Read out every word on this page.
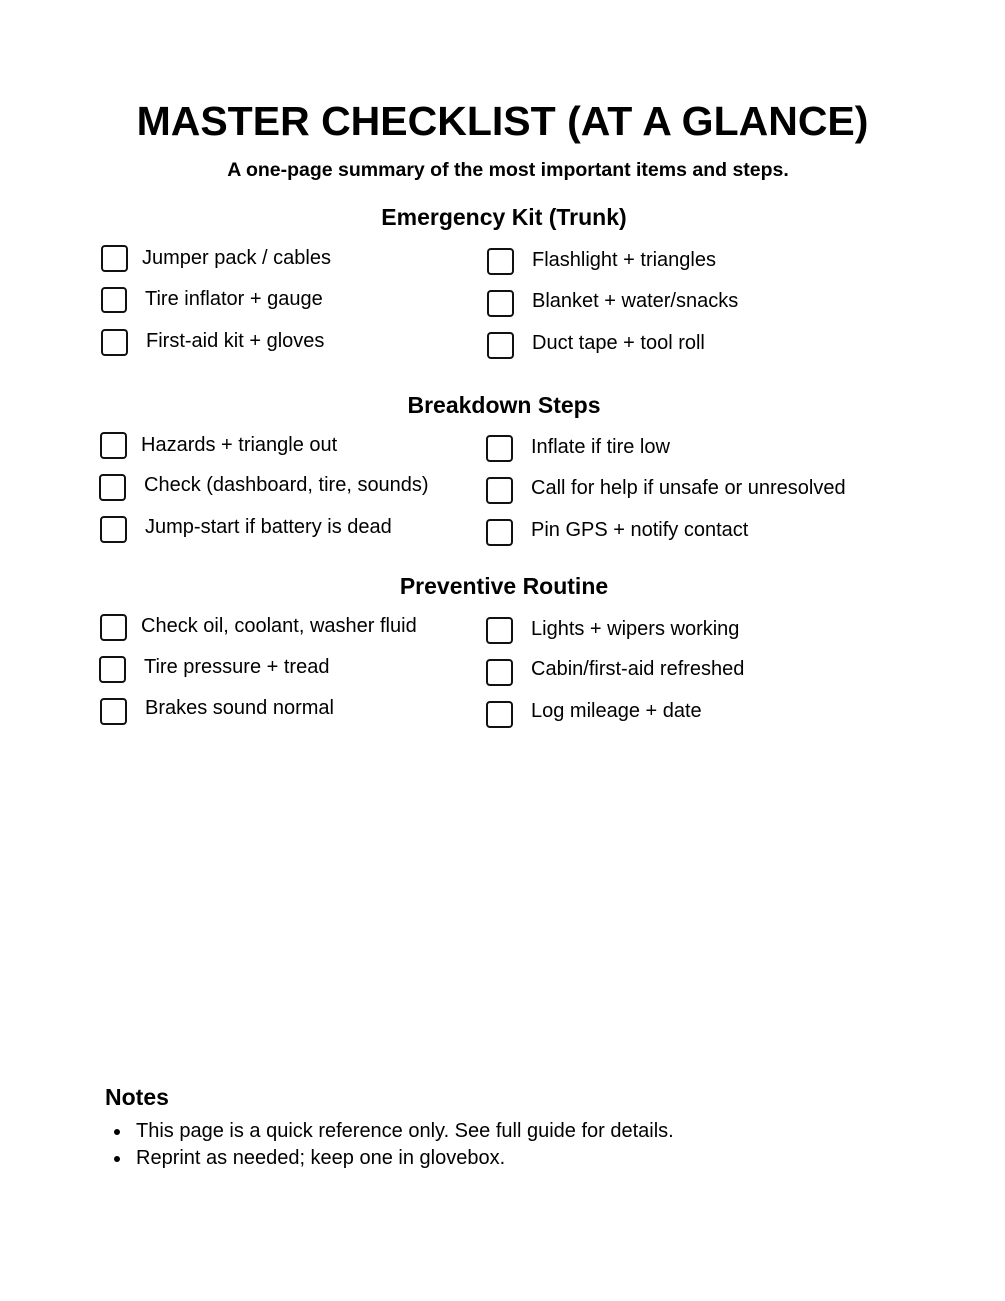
MASTER CHECKLIST (AT A GLANCE)

A one-page summary of the most important items and steps.

Emergency Kit (Trunk)
Jumper pack / cables
Tire inflator + gauge
First-aid kit + gloves
Flashlight + triangles
Blanket + water/snacks
Duct tape + tool roll
Breakdown Steps
Hazards + triangle out
Check (dashboard, tire, sounds)
Jump-start if battery is dead
Inflate if tire low
Call for help if unsafe or unresolved
Pin GPS + notify contact
Preventive Routine
Check oil, coolant, washer fluid
Tire pressure + tread
Brakes sound normal
Lights + wipers working
Cabin/first-aid refreshed
Log mileage + date
Notes
This page is a quick reference only. See full guide for details.
Reprint as needed; keep one in glovebox.
